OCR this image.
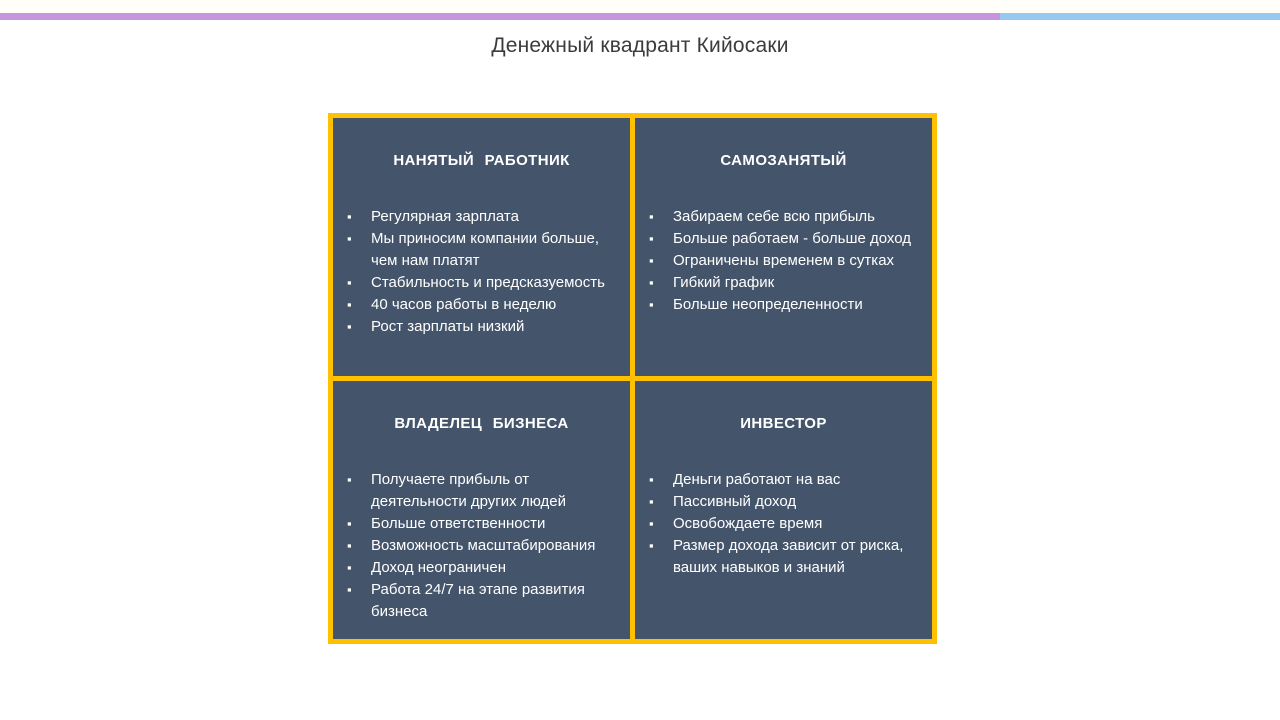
Денежный квадрант Кийосаки
НАНЯТЫЙ РАБОТНИК
▪ Регулярная зарплата
▪ Мы приносим компании больше, чем нам платят
▪ Стабильность и предсказуемость
▪ 40 часов работы в неделю
▪ Рост зарплаты низкий
САМОЗАНЯТЫЙ
▪ Забираем себе всю прибыль
▪ Больше работаем - больше доход
▪ Ограничены временем в сутках
▪ Гибкий график
▪ Больше неопределенности
ВЛАДЕЛЕЦ БИЗНЕСА
▪ Получаете прибыль от деятельности других людей
▪ Больше ответственности
▪ Возможность масштабирования
▪ Доход неограничен
▪ Работа 24/7 на этапе развития бизнеса
ИНВЕСТОР
▪ Деньги работают на вас
▪ Пассивный доход
▪ Освобождаете время
▪ Размер дохода зависит от риска, ваших навыков и знаний
